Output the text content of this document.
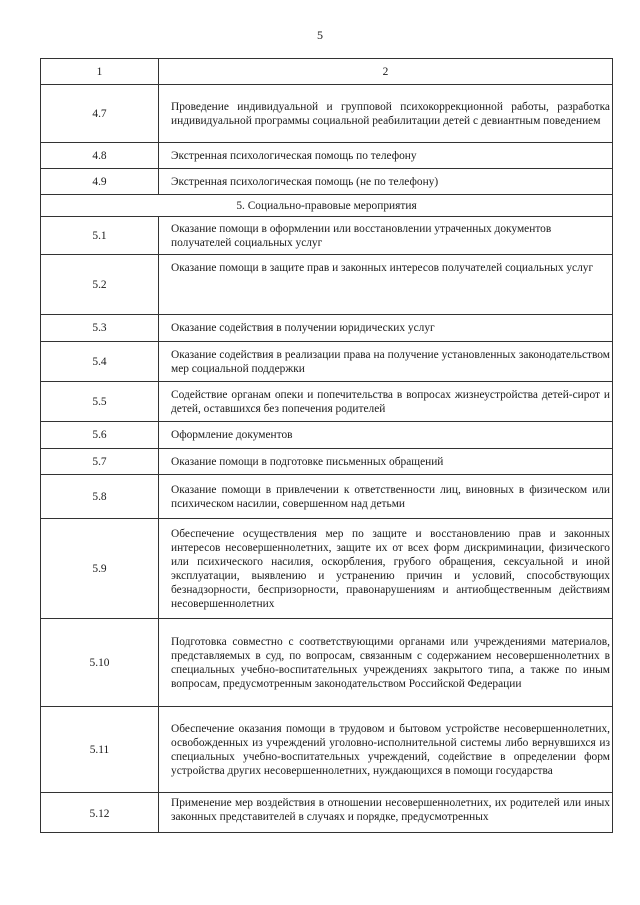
5
1	2
4.7	Проведение индивидуальной и групповой психокоррекционной работы, разработка индивидуальной программы социальной реабилитации детей с девиантным поведением
4.8	Экстренная психологическая помощь по телефону
4.9	Экстренная психологическая помощь (не по телефону)
5. Социально-правовые мероприятия	
5.1	Оказание помощи в оформлении или восстановлении утраченных документов получателей социальных услуг
5.2	Оказание помощи в защите прав и законных интересов получателей социальных услуг
5.3	Оказание содействия в получении юридических услуг
5.4	Оказание содействия в реализации права на получение установленных законодательством мер социальной поддержки
5.5	Содействие органам опеки и попечительства в вопросах жизнеустройства детей-сирот и детей, оставшихся без попечения родителей
5.6	Оформление документов
5.7	Оказание помощи в подготовке письменных обращений
5.8	Оказание помощи в привлечении к ответственности лиц, виновных в физическом или психическом насилии, совершенном над детьми
5.9	Обеспечение осуществления мер по защите и восстановлению прав и законных интересов несовершеннолетних, защите их от всех форм дискриминации, физического или психического насилия, оскорбления, грубого обращения, сексуальной и иной эксплуатации, выявлению и устранению причин и условий, способствующих безнадзорности, беспризорности, правонарушениям и антиобщественным действиям несовершеннолетних
5.10	Подготовка совместно с соответствующими органами или учреждениями материалов, представляемых в суд, по вопросам, связанным с содержанием несовершеннолетних в специальных учебно-воспитательных учреждениях закрытого типа, а также по иным вопросам, предусмотренным законодательством Российской Федерации
5.11	Обеспечение оказания помощи в трудовом и бытовом устройстве несовершеннолетних, освобожденных из учреждений уголовно-исполнительной системы либо вернувшихся из специальных учебно-воспитательных учреждений, содействие в определении форм устройства других несовершеннолетних, нуждающихся в помощи государства
5.12	Применение мер воздействия в отношении несовершеннолетних, их родителей или иных законных представителей в случаях и порядке, предусмотренных
